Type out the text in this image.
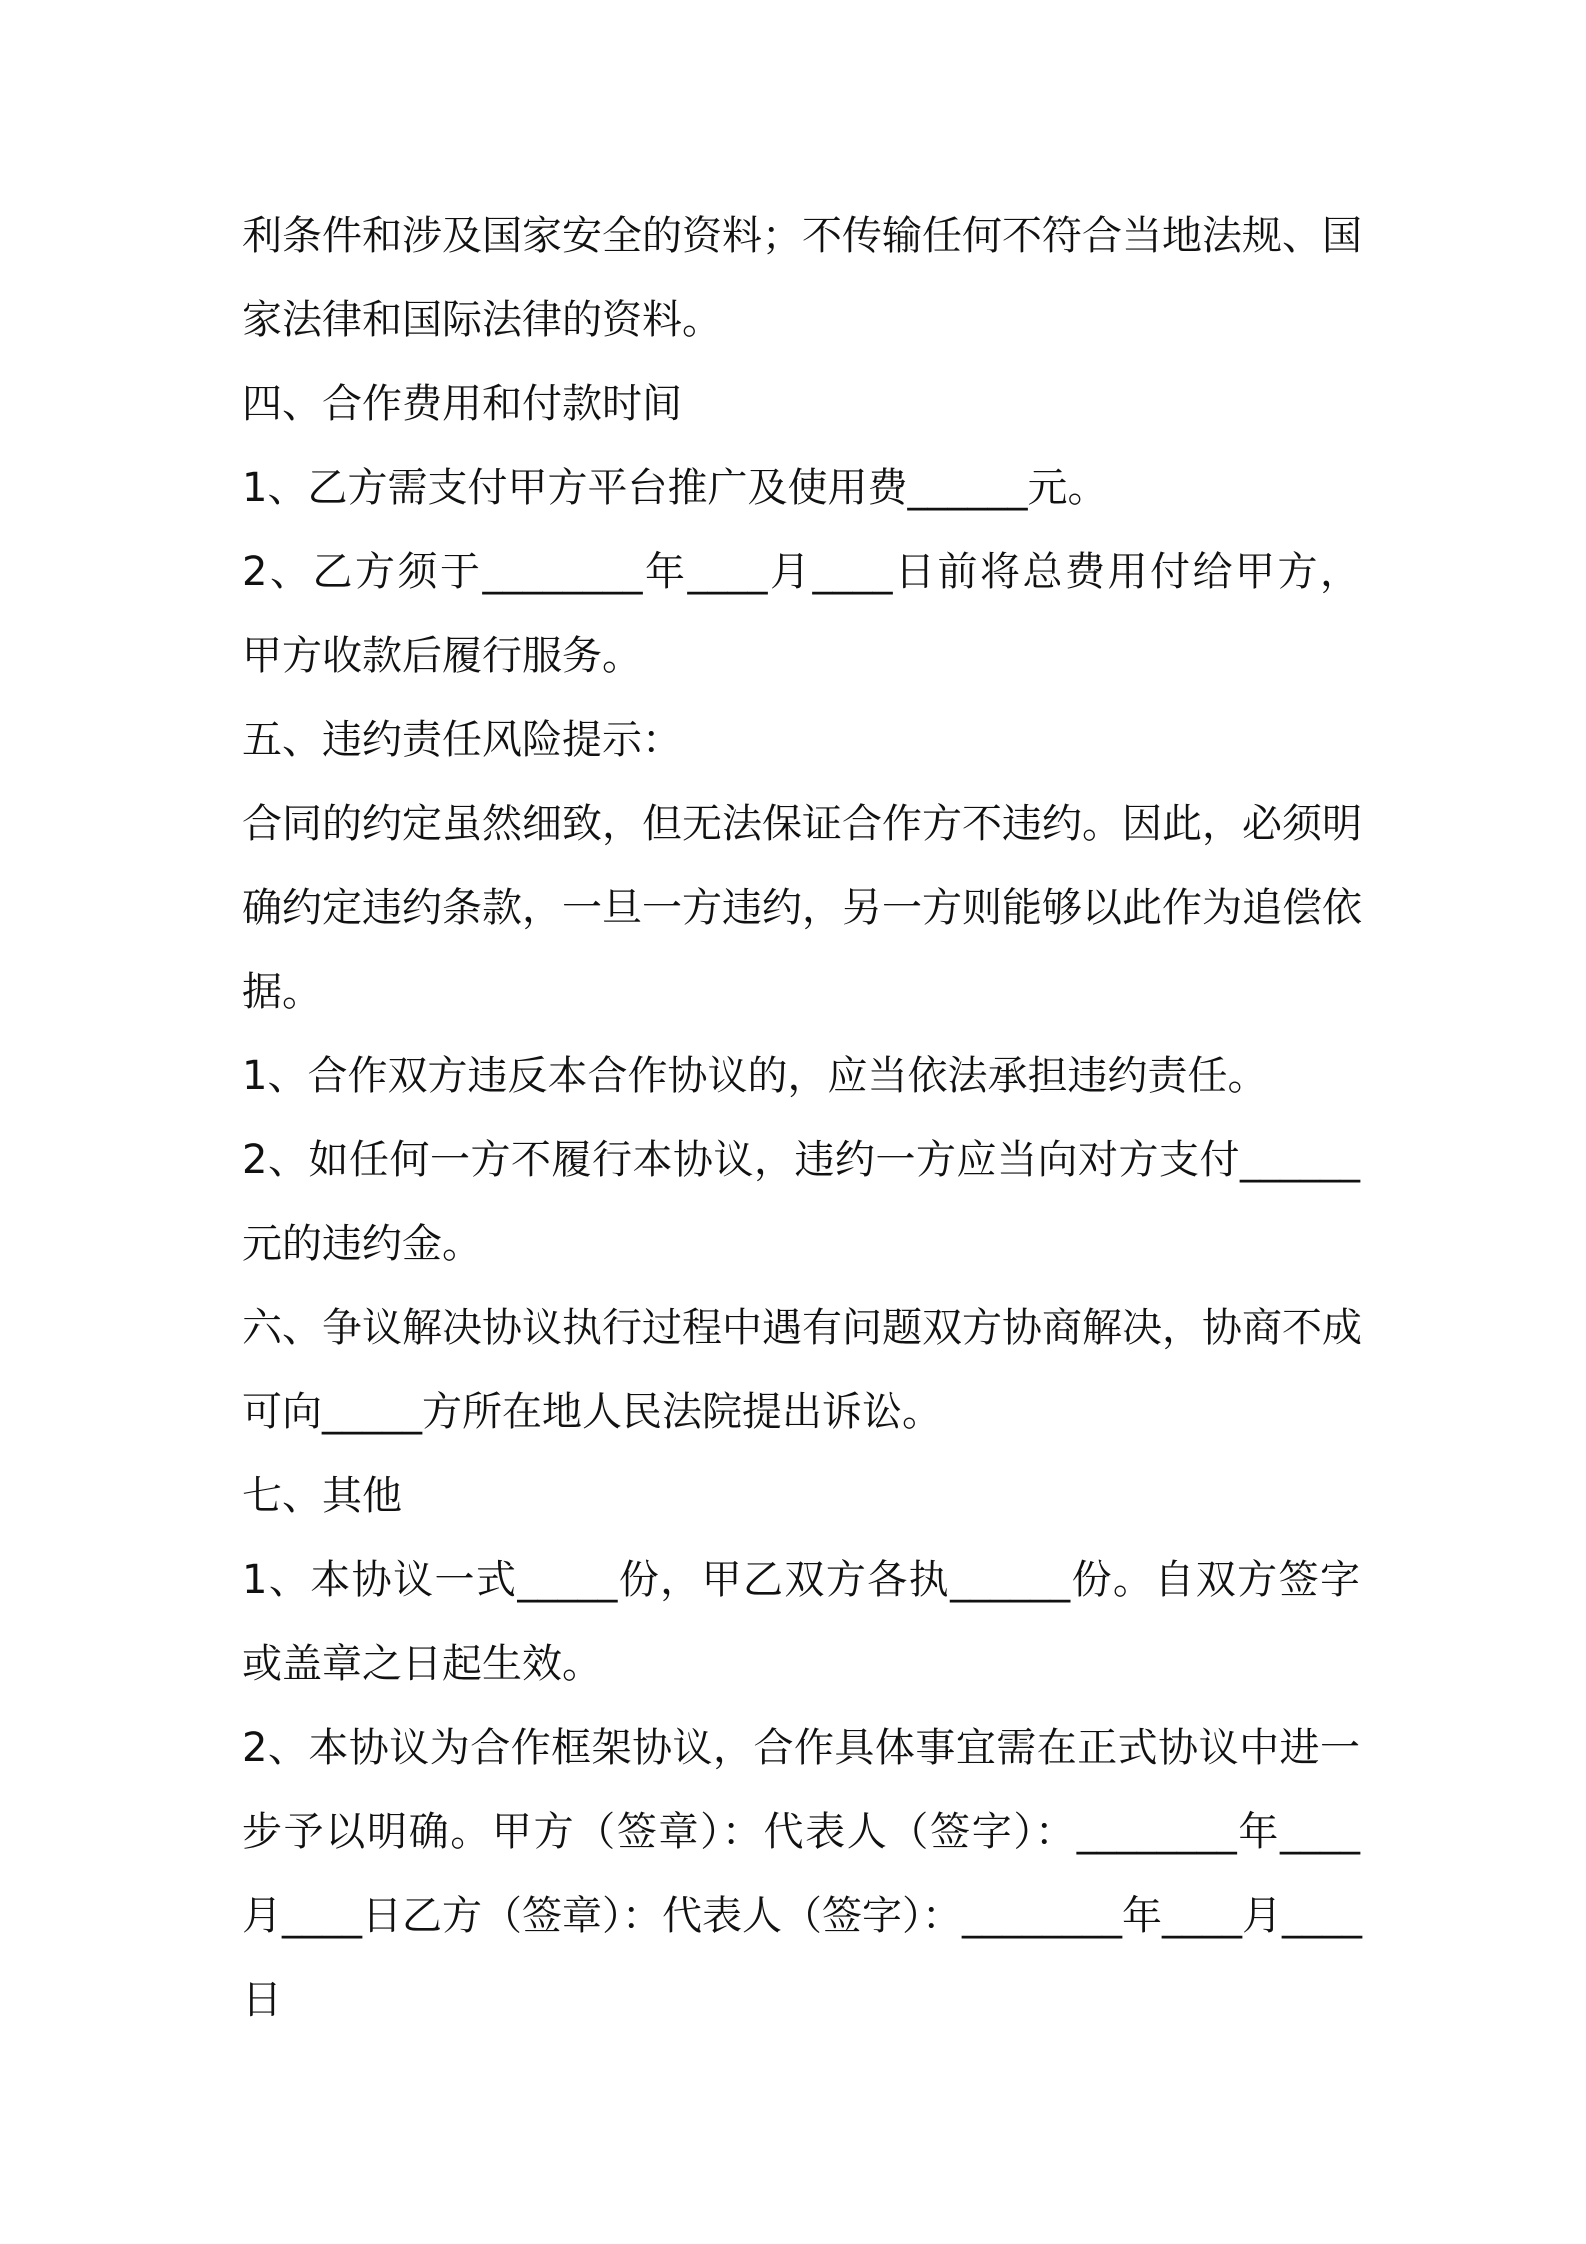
利条件和涉及国家安全的资料；不传输任何不符合当地法规、国
家法律和国际法律的资料。
四、合作费用和付款时间
1、乙方需支付甲方平台推广及使用费______元。
2、乙方须于________年____月____日前将总费用付给甲方，
甲方收款后履行服务。
五、违约责任风险提示：
合同的约定虽然细致，但无法保证合作方不违约。因此，必须明
确约定违约条款，一旦一方违约，另一方则能够以此作为追偿依
据。
1、合作双方违反本合作协议的，应当依法承担违约责任。
2、如任何一方不履行本协议，违约一方应当向对方支付______
元的违约金。
六、争议解决协议执行过程中遇有问题双方协商解决，协商不成
可向_____方所在地人民法院提出诉讼。
七、其他
1、本协议一式_____份，甲乙双方各执______份。自双方签字
或盖章之日起生效。
2、本协议为合作框架协议，合作具体事宜需在正式协议中进一
步予以明确。甲方（签章）：代表人（签字）：________年____
月____日乙方（签章）：代表人（签字）：________年____月____
日
